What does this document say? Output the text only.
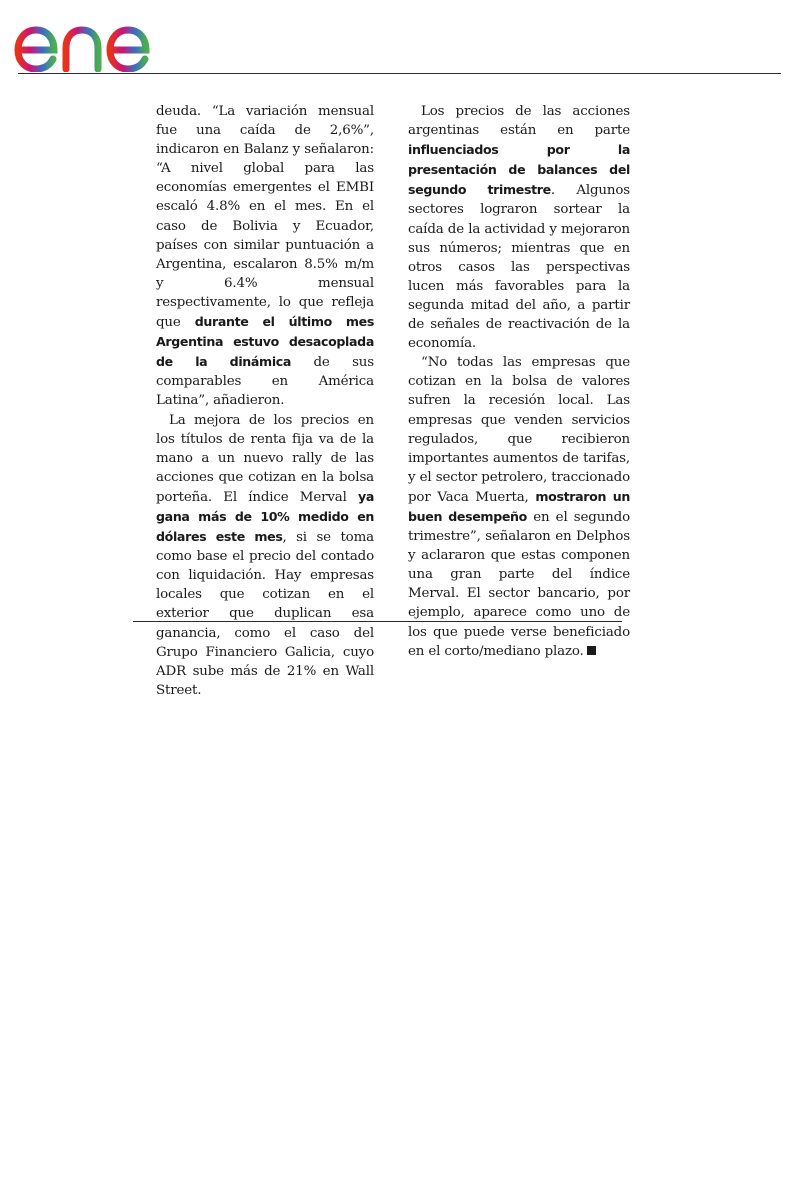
deuda. “La variación mensual fue una caída de 2,6%”, indicaron en Balanz y señalaron: “A nivel global para las economías emergentes el EMBI escaló 4.8% en el mes. En el caso de Bolivia y Ecuador, países con similar puntuación a Argentina, escalaron 8.5% m/m y 6.4% mensual respectivamente, lo que refleja que durante el último mes Argentina estuvo desacoplada de la dinámica de sus comparables en América Latina”, añadieron.

La mejora de los precios en los títulos de renta fija va de la mano a un nuevo rally de las acciones que cotizan en la bolsa porteña. El índice Merval ya gana más de 10% medido en dólares este mes, si se toma como base el precio del contado con liquidación. Hay empresas locales que cotizan en el exterior que duplican esa ganancia, como el caso del Grupo Financiero Galicia, cuyo ADR sube más de 21% en Wall Street.

Los precios de las acciones argentinas están en parte influenciados por la presentación de balances del segundo trimestre. Algunos sectores lograron sortear la caída de la actividad y mejoraron sus números; mientras que en otros casos las perspectivas lucen más favorables para la segunda mitad del año, a partir de señales de reactivación de la economía.

“No todas las empresas que cotizan en la bolsa de valores sufren la recesión local. Las empresas que venden servicios regulados, que recibieron importantes aumentos de tarifas, y el sector petrolero, traccionado por Vaca Muerta, mostraron un buen desempeño en el segundo trimestre”, señalaron en Delphos y aclararon que estas componen una gran parte del índice Merval. El sector bancario, por ejemplo, aparece como uno de los que puede verse beneficiado en el corto/mediano plazo.
